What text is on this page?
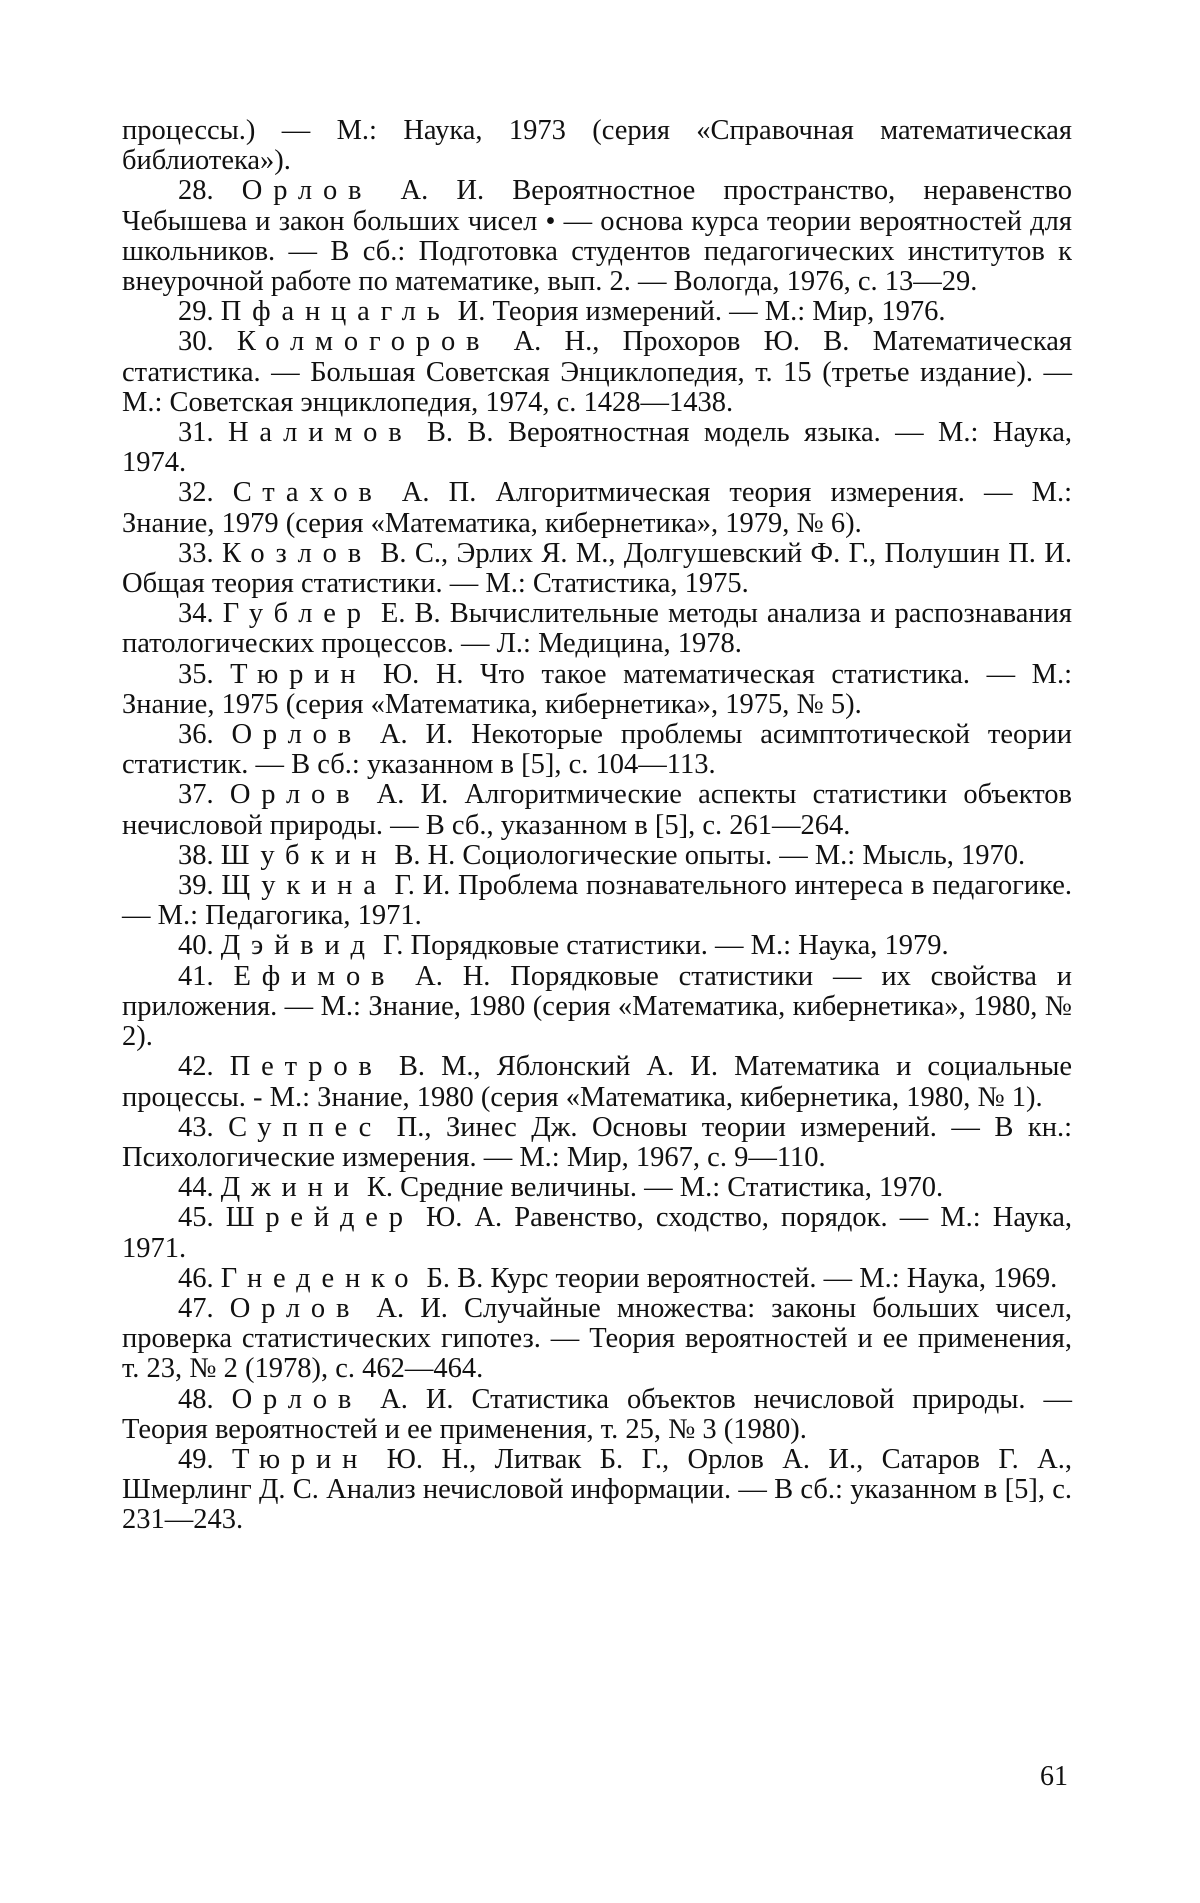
процессы.) — М.: Наука, 1973 (серия «Справочная математическая библиотека»).

28. Орлов А. И. Вероятностное пространство, неравенство Чебышева и закон больших чисел • — основа курса теории вероятностей для школьников. — В сб.: Подготовка студентов педагогических институтов к внеурочной работе по математике, вып. 2. — Вологда, 1976, с. 13—29.

29. Пфанцагль И. Теория измерений. — М.: Мир, 1976.

30. Колмогоров А. Н., Прохоров Ю. В. Математическая статистика. — Большая Советская Энциклопедия, т. 15 (третье издание). — М.: Советская энциклопедия, 1974, с. 1428—1438.

31. Налимов В. В. Вероятностная модель языка. — М.: Наука, 1974.

32. Стахов А. П. Алгоритмическая теория измерения. — М.: Знание, 1979 (серия «Математика, кибернетика», 1979, № 6).

33. Козлов В. С., Эрлих Я. М., Долгушевский Ф. Г., Полушин П. И. Общая теория статистики. — М.: Статистика, 1975.

34. Гублер Е. В. Вычислительные методы анализа и распознавания патологических процессов. — Л.: Медицина, 1978.

35. Тюрин Ю. Н. Что такое математическая статистика. — М.: Знание, 1975 (серия «Математика, кибернетика», 1975, № 5).

36. Орлов А. И. Некоторые проблемы асимптотической теории статистик. — В сб.: указанном в [5], с. 104—113.

37. Орлов А. И. Алгоритмические аспекты статистики объектов нечисловой природы. — В сб., указанном в [5], с. 261—264.

38. Шубкин В. Н. Социологические опыты. — М.: Мысль, 1970.

39. Щукина Г. И. Проблема познавательного интереса в педагогике. — М.: Педагогика, 1971.

40. Дэйвид Г. Порядковые статистики. — М.: Наука, 1979.

41. Ефимов А. Н. Порядковые статистики — их свойства и приложения. — М.: Знание, 1980 (серия «Математика, кибернетика», 1980, № 2).

42. Петров В. М., Яблонский А. И. Математика и социальные процессы. - М.: Знание, 1980 (серия «Математика, кибернетика, 1980, № 1).

43. Суппес П., Зинес Дж. Основы теории измерений. — В кн.: Психологические измерения. — М.: Мир, 1967, с. 9—110.

44. Джини К. Средние величины. — М.: Статистика, 1970.

45. Шрейдер Ю. А. Равенство, сходство, порядок. — М.: Наука, 1971.

46. Гнеденко Б. В. Курс теории вероятностей. — М.: Наука, 1969.

47. Орлов А. И. Случайные множества: законы больших чисел, проверка статистических гипотез. — Теория вероятностей и ее применения, т. 23, № 2 (1978), с. 462—464.

48. Орлов А. И. Статистика объектов нечисловой природы. — Теория вероятностей и ее применения, т. 25, № 3 (1980).

49. Тюрин Ю. Н., Литвак Б. Г., Орлов А. И., Сатаров Г. А., Шмерлинг Д. С. Анализ нечисловой информации. — В сб.: указанном в [5], с. 231—243.

61
